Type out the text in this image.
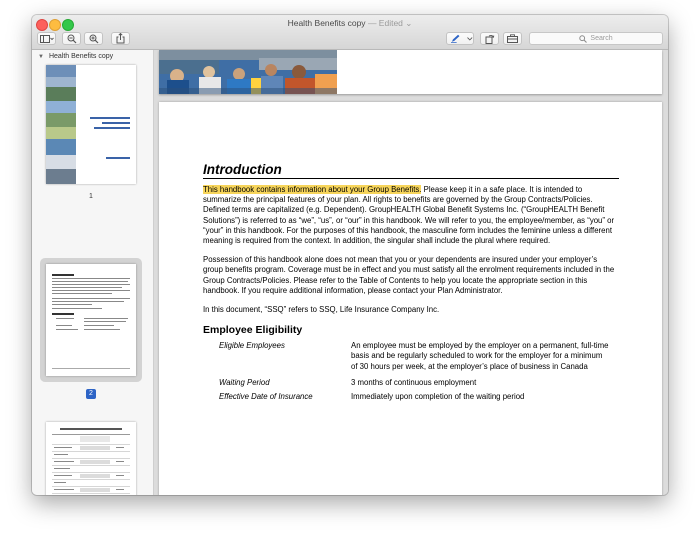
Health Benefits copy — Edited ⌄
Search
▼ Health Benefits copy
1
2
Introduction

This handbook contains information about your Group Benefits. Please keep it in a safe place. It is intended to summarize the principal features of your plan. All rights to benefits are governed by the Group Contracts/Policies. Defined terms are capitalized (e.g. Dependent). GroupHEALTH Global Benefit Systems Inc. (“GroupHEALTH Benefit Solutions”) is referred to as “we”, “us”, or “our” in this handbook. We will refer to you, the employee/member, as “you” or “your” in this handbook. For the purposes of this handbook, the masculine form includes the feminine unless a different meaning is required from the context. In addition, the singular shall include the plural where required.

Possession of this handbook alone does not mean that you or your dependents are insured under your employer’s group benefits program. Coverage must be in effect and you must satisfy all the enrolment requirements included in the Group Contracts/Policies. Please refer to the Table of Contents to help you locate the appropriate section in this handbook. If you require additional information, please contact your Plan Administrator.

In this document, “SSQ” refers to SSQ, Life Insurance Company Inc.

Employee Eligibility
Eligible Employees	An employee must be employed by the employer on a permanent, full-time basis and be regularly scheduled to work for the employer for a minimum of 30 hours per week, at the employer’s place of business in Canada
Waiting Period	3 months of continuous employment
Effective Date of Insurance	Immediately upon completion of the waiting period
